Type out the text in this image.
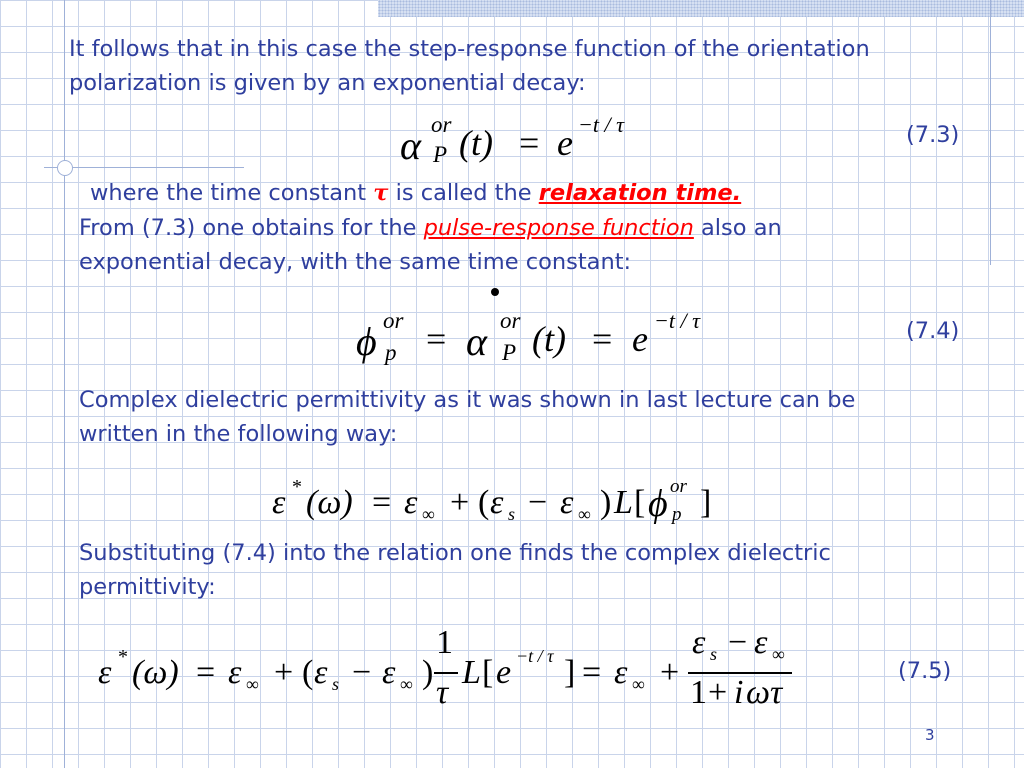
It follows that in this case the step-response function of the orientation

polarization is given by an exponential decay:

α or
P (t) = e −t / τ	(7.3)

where the time constant τ is called the relaxation time.

From (7.3) one obtains for the pulse-response function also an

exponential decay, with the same time constant:

ϕ or
p = α or
P (t) = e −t / τ	(7.4)

Complex dielectric permittivity as it was shown in last lecture can be

written in the following way:

ε * (ω) = ε ∞ + ( ε s − ε ∞ ) L [ ϕ or
p ]

Substituting (7.4) into the relation one finds the complex dielectric

permittivity:

ε * (ω) = ε ∞ + ( ε s − ε ∞ )
1
τ
L [ e −t / τ ] = ε ∞ +
ε s − ε ∞
1 + i ω τ
(7.5)
3
